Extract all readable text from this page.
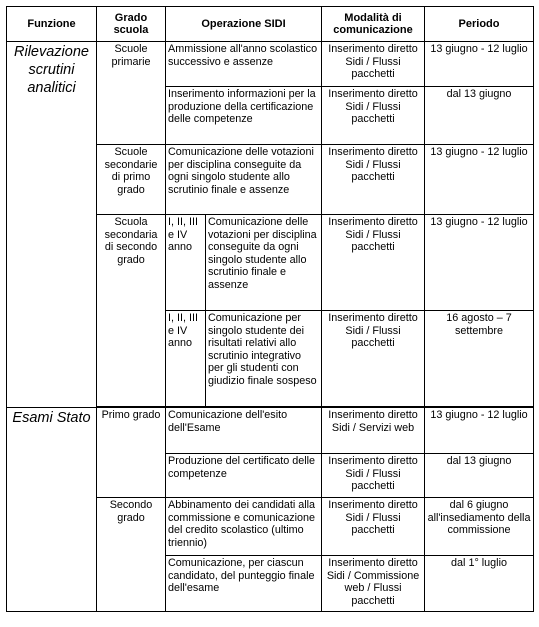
Funzione	Grado scuola	Operazione SIDI		Modalità di comunicazione	Periodo
Rilevazione scrutini analitici	Scuole primarie	Ammissione all'anno scolastico successivo e assenze		Inserimento diretto Sidi / Flussi pacchetti	13 giugno - 12 luglio
		Inserimento informazioni per la produzione della certificazione delle competenze		Inserimento diretto Sidi / Flussi pacchetti	dal 13 giugno
	Scuole secondarie di primo grado	Comunicazione delle votazioni per disciplina conseguite da ogni singolo studente allo scrutinio finale e assenze		Inserimento diretto Sidi / Flussi pacchetti	13 giugno - 12 luglio
	Scuola secondaria di secondo grado	I, II, III e IV anno	Comunicazione delle votazioni per disciplina conseguite da ogni singolo studente allo scrutinio finale e assenze	Inserimento diretto Sidi / Flussi pacchetti	13 giugno - 12 luglio
		I, II, III e IV anno	Comunicazione per singolo studente dei risultati relativi allo scrutinio integrativo per gli studenti con giudizio finale sospeso	Inserimento diretto Sidi / Flussi pacchetti	16 agosto – 7 settembre

Esami Stato	Primo grado	Comunicazione dell'esito dell'Esame		Inserimento diretto Sidi / Servizi web	13 giugno - 12 luglio
		Produzione del certificato delle competenze		Inserimento diretto Sidi / Flussi pacchetti	dal 13 giugno
	Secondo grado	Abbinamento dei candidati alla commissione e comunicazione del credito scolastico (ultimo triennio)		Inserimento diretto Sidi / Flussi pacchetti	dal 6 giugno all'insediamento della commissione
		Comunicazione, per ciascun candidato, del punteggio finale dell'esame		Inserimento diretto Sidi / Commissione web / Flussi pacchetti	dal 1° luglio
